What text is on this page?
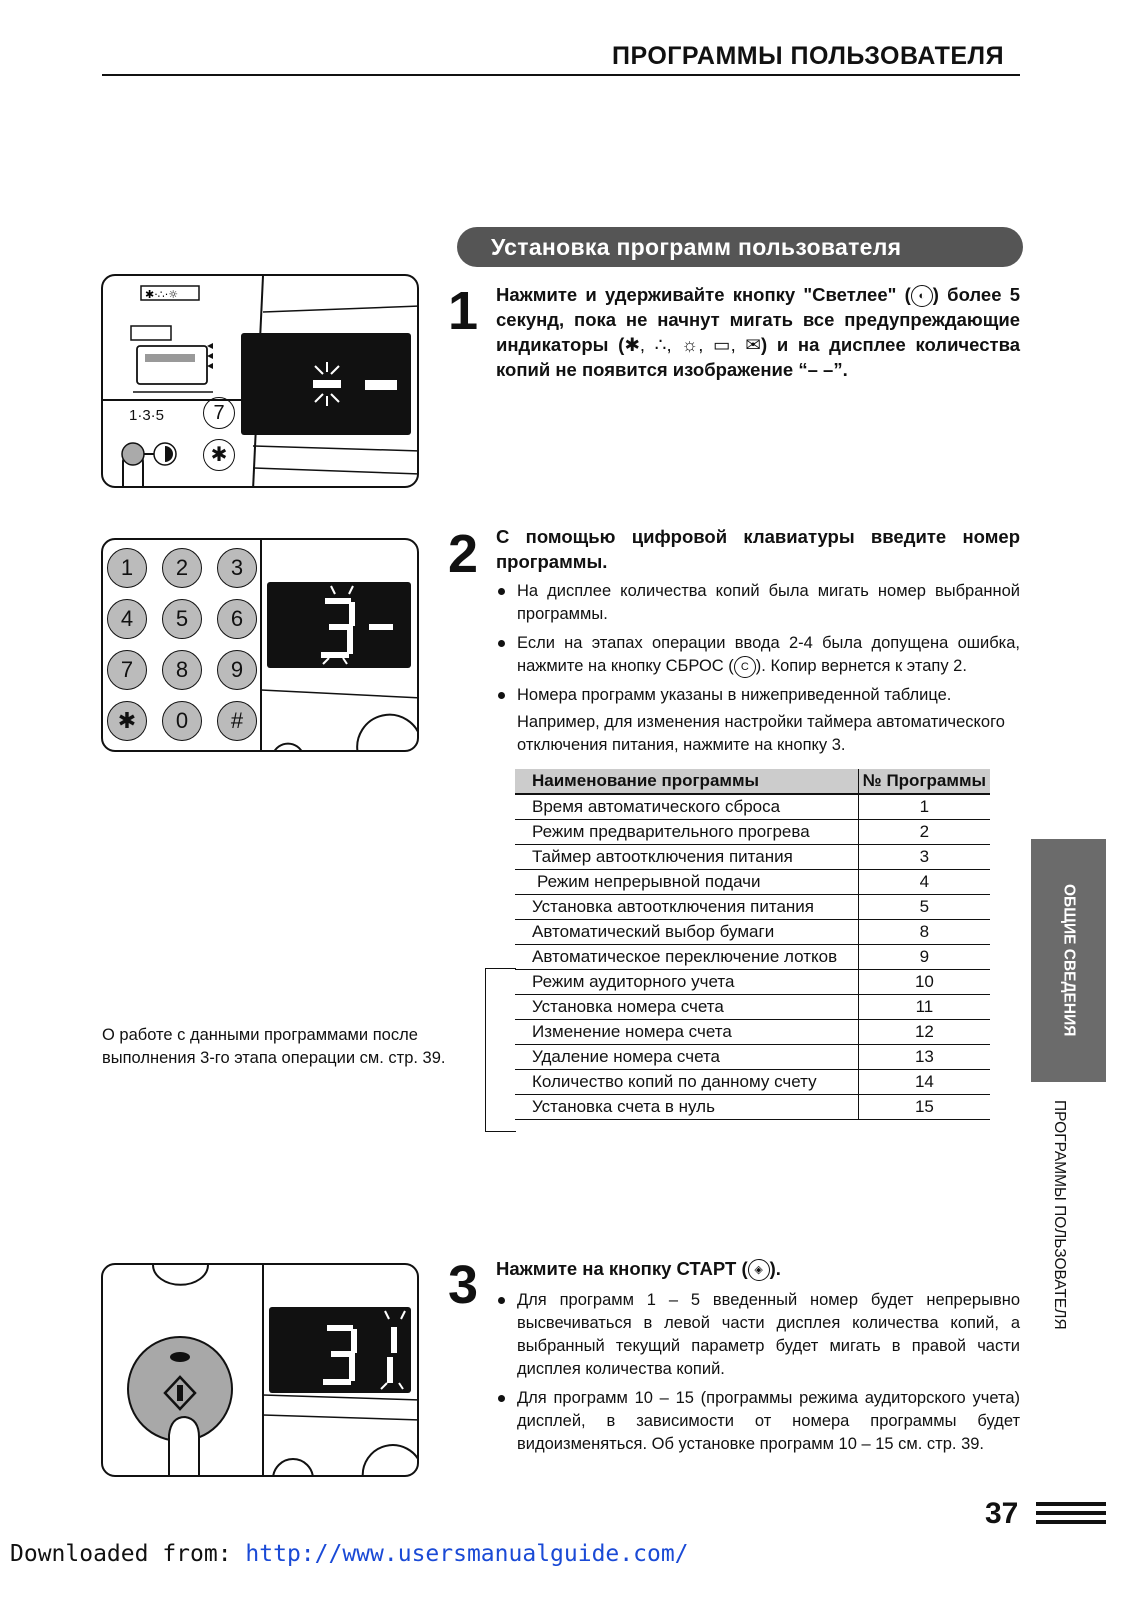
ПРОГРАММЫ ПОЛЬЗОВАТЕЛЯ
Установка программ пользователя
✱·∴·☼
1·3·5	7
✱
1 Нажмите и удерживайте кнопку "Светлее" ( ◐ ) более 5 секунд, пока не начнут мигать все предупреждающие индикаторы (✱, ∴, ☼, ▭, ✉) и на дисплее количества копий не появится изображение “– –”.
1	2	3
4	5	6
7	8	9
✱	0	#
2 С помощью цифровой клавиатуры введите номер программы.
На дисплее количества копий была мигать номер выбранной программы.
Если на этапах операции ввода 2-4 была допущена ошибка, нажмите на кнопку СБРОС ( C ). Копир вернется к этапу 2.
Номера программ указаны в нижеприведенной таблице.
Например, для изменения настройки таймера автоматического отключения питания, нажмите на кнопку 3.
Наименование программы	№ Программы
Время автоматического сброса	1
Режим предварительного прогрева	2
Таймер автоотключения питания	3
Режим непрерывной подачи	4
Установка автоотключения питания	5
Автоматический выбор бумаги	8
Автоматическое переключение лотков	9
Режим аудиторного учета	10
Установка номера счета	11
Изменение номера счета	12
Удаление номера счета	13
Количество копий по данному счету	14
Установка счета в нуль	15
О работе с данными программами после выполнения 3-го этапа операции см. стр. 39.
3 Нажмите на кнопку СТАРТ ( ◈ ).
Для программ 1 – 5 введенный номер будет непрерывно высвечиваться в левой части дисплея количества копий, а выбранный текущий параметр будет мигать в правой части дисплея количества копий.
Для программ 10 – 15 (программы режима аудиторского учета) дисплей, в зависимости от номера программы будет видоизменяться. Об установке программ 10 – 15 см. стр. 39.
ОБЩИЕ СВЕДЕНИЯ
ПРОГРАММЫ ПОЛЬЗОВАТЕЛЯ
37
Downloaded from: http://www.usersmanualguide.com/
